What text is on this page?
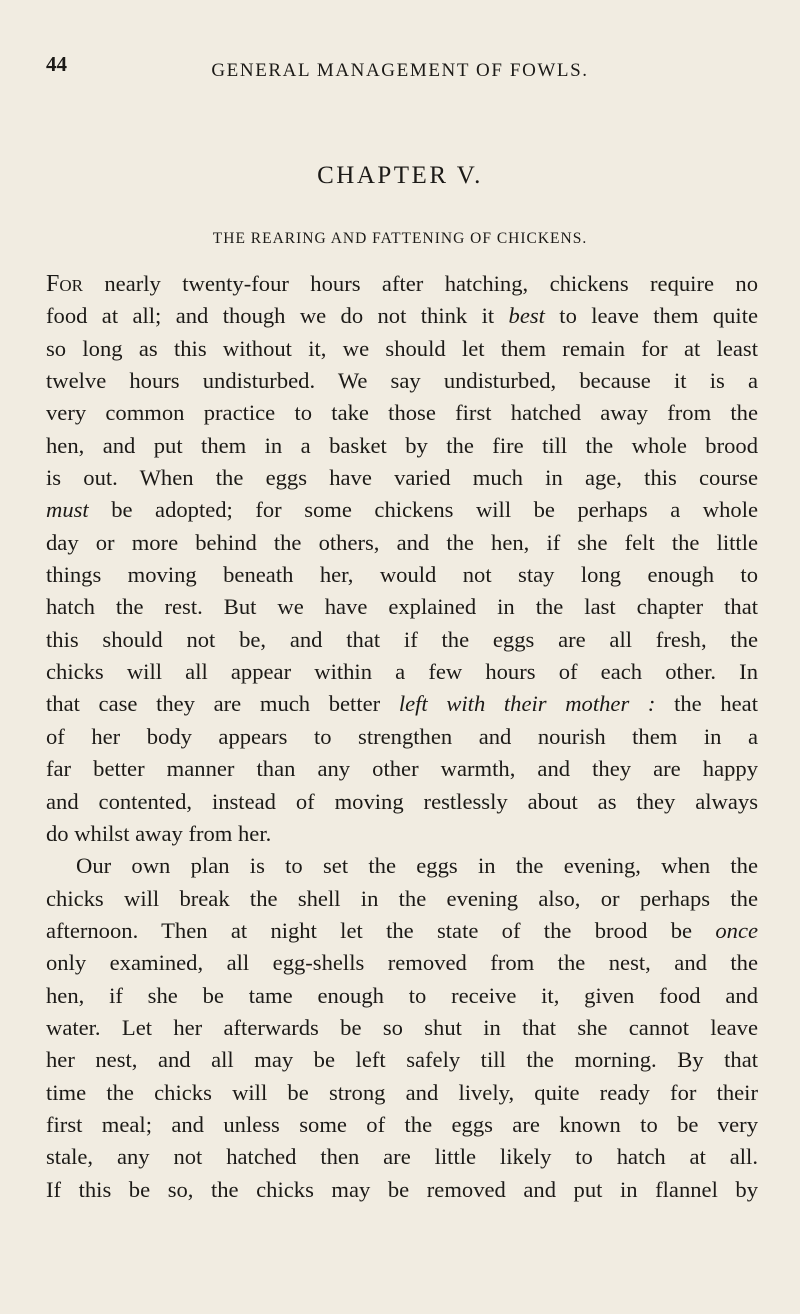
44	GENERAL MANAGEMENT OF FOWLS.
CHAPTER V.
THE REARING AND FATTENING OF CHICKENS.
For nearly twenty-four hours after hatching, chickens require no
food at all; and though we do not think it best to leave them quite
so long as this without it, we should let them remain for at least
twelve hours undisturbed. We say undisturbed, because it is a
very common practice to take those first hatched away from the
hen, and put them in a basket by the fire till the whole brood
is out. When the eggs have varied much in age, this course
must be adopted; for some chickens will be perhaps a whole
day or more behind the others, and the hen, if she felt the little
things moving beneath her, would not stay long enough to
hatch the rest. But we have explained in the last chapter that
this should not be, and that if the eggs are all fresh, the
chicks will all appear within a few hours of each other. In
that case they are much better left with their mother : the heat
of her body appears to strengthen and nourish them in a
far better manner than any other warmth, and they are happy
and contented, instead of moving restlessly about as they always
do whilst away from her.
Our own plan is to set the eggs in the evening, when the
chicks will break the shell in the evening also, or perhaps the
afternoon. Then at night let the state of the brood be once
only examined, all egg-shells removed from the nest, and the
hen, if she be tame enough to receive it, given food and
water. Let her afterwards be so shut in that she cannot leave
her nest, and all may be left safely till the morning. By that
time the chicks will be strong and lively, quite ready for their
first meal; and unless some of the eggs are known to be very
stale, any not hatched then are little likely to hatch at all.
If this be so, the chicks may be removed and put in flannel by
